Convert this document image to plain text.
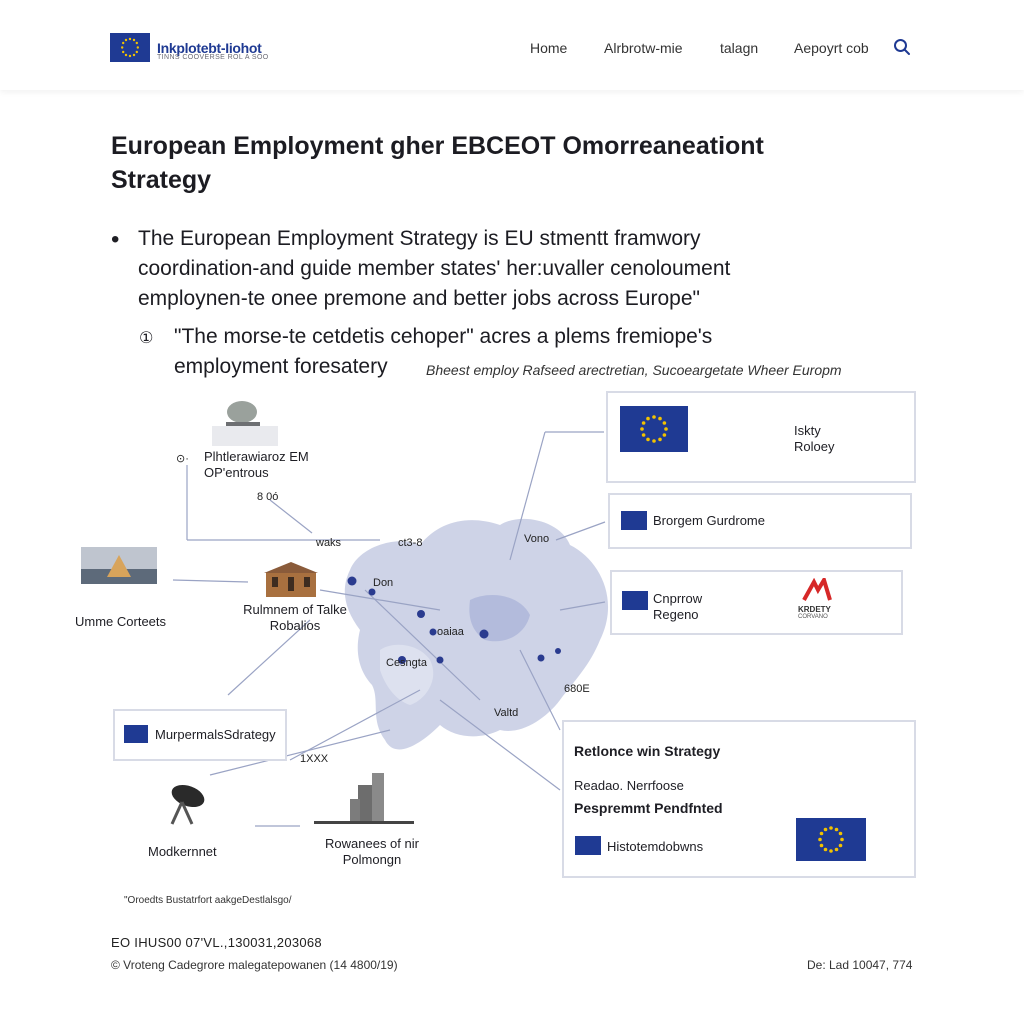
Inkplotebt-Iiohot
TINNS COOVERSE ROL A SOO
Home	Alrbrotw-mie	talagn	Aepoyrt cob
European Employment gher EBCEOT Omorreaneationt Strategy
• The European Employment Strategy is EU stmentt framwory coordination-and guide member states' her:uvaller cenoloument employnen-te onee premone and better jobs across Europe"
① "The morse-te cetdetis cehoper" acres a plems fremiope's employment foresatery	Bheest employ Rafseed arectretian, Sucoeargetate Wheer Europm
waks	ct3-8	Vono
Don
oaiaa
Cesngta
680E
Valtd
⊙· Plhtlerawiaroz EM OP'entrous
8 0ó
Umme Corteets
Rulmnem of Talke Robalios
MurpermalsSdrategy
Modkernnet
1XXX
Rowanees of nir Polmongn
Iskty Roloey
Brorgem Gurdrome
Cnprrow Regeno	KRDETY
CORVANO
Retlonce win Strategy
Readao. Nerrfoose
Pespremmt Pendfnted
Histotemdobwns
"Oroedts Bustatrfort aakgeDestlalsgo/
EO IHUS00 07'VL.,130031,203068
© Vroteng Cadegrore malegatepowanen (14 4800/19)	De: Lad 10047, 774
